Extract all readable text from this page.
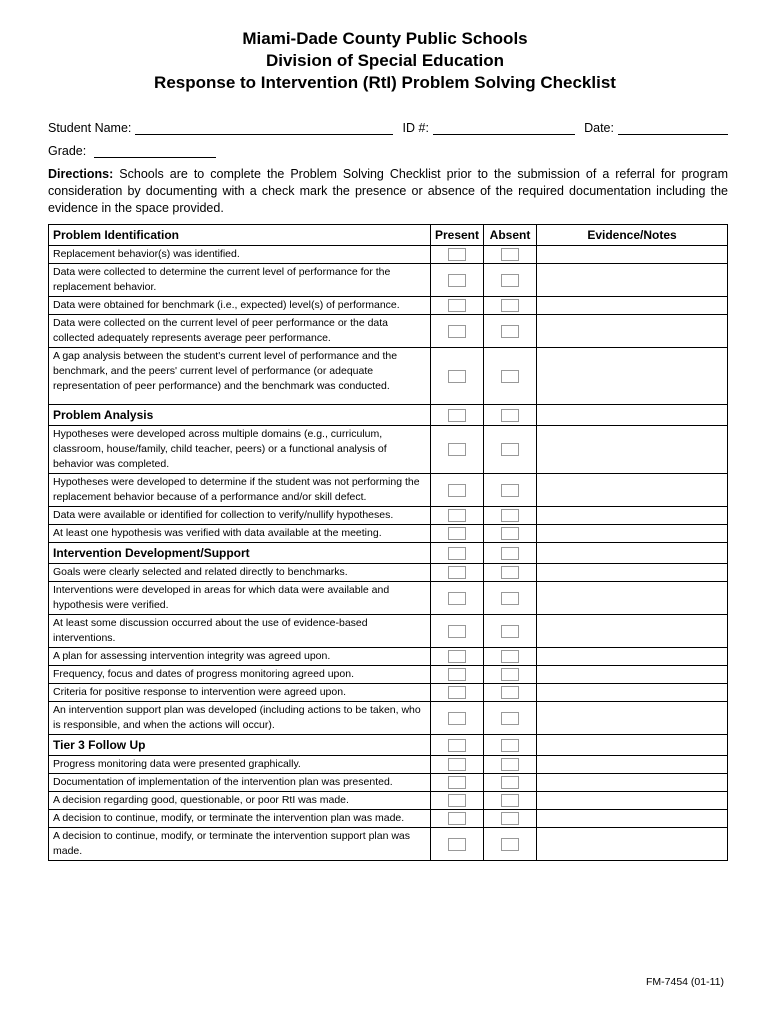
Miami-Dade County Public Schools
Division of Special Education
Response to Intervention (RtI) Problem Solving Checklist
Student Name:	ID #:	Date:
Grade:
Directions: Schools are to complete the Problem Solving Checklist prior to the submission of a referral for program consideration by documenting with a check mark the presence or absence of the required documentation including the evidence in the space provided.
Problem Identification	Present	Absent	Evidence/Notes
Replacement behavior(s) was identified.			
Data were collected to determine the current level of performance for the replacement behavior.			
Data were obtained for benchmark (i.e., expected) level(s) of performance.			
Data were collected on the current level of peer performance or the data collected adequately represents average peer performance.			
A gap analysis between the student's current level of performance and the benchmark, and the peers' current level of performance (or adequate representation of peer performance) and the benchmark was conducted.			
Problem Analysis			
Hypotheses were developed across multiple domains (e.g., curriculum, classroom, house/family, child teacher, peers) or a functional analysis of behavior was completed.			
Hypotheses were developed to determine if the student was not performing the replacement behavior because of a performance and/or skill defect.			
Data were available or identified for collection to verify/nullify hypotheses.			
At least one hypothesis was verified with data available at the meeting.			
Intervention Development/Support			
Goals were clearly selected and related directly to benchmarks.			
Interventions were developed in areas for which data were available and hypothesis were verified.			
At least some discussion occurred about the use of evidence-based interventions.			
A plan for assessing intervention integrity was agreed upon.			
Frequency, focus and dates of progress monitoring agreed upon.			
Criteria for positive response to intervention were agreed upon.			
An intervention support plan was developed (including actions to be taken, who is responsible, and when the actions will occur).			
Tier 3 Follow Up			
Progress monitoring data were presented graphically.			
Documentation of implementation of the intervention plan was presented.			
A decision regarding good, questionable, or poor RtI was made.			
A decision to continue, modify, or terminate the intervention plan was made.			
A decision to continue, modify, or terminate the intervention support plan was made.			
FM-7454 (01-11)
